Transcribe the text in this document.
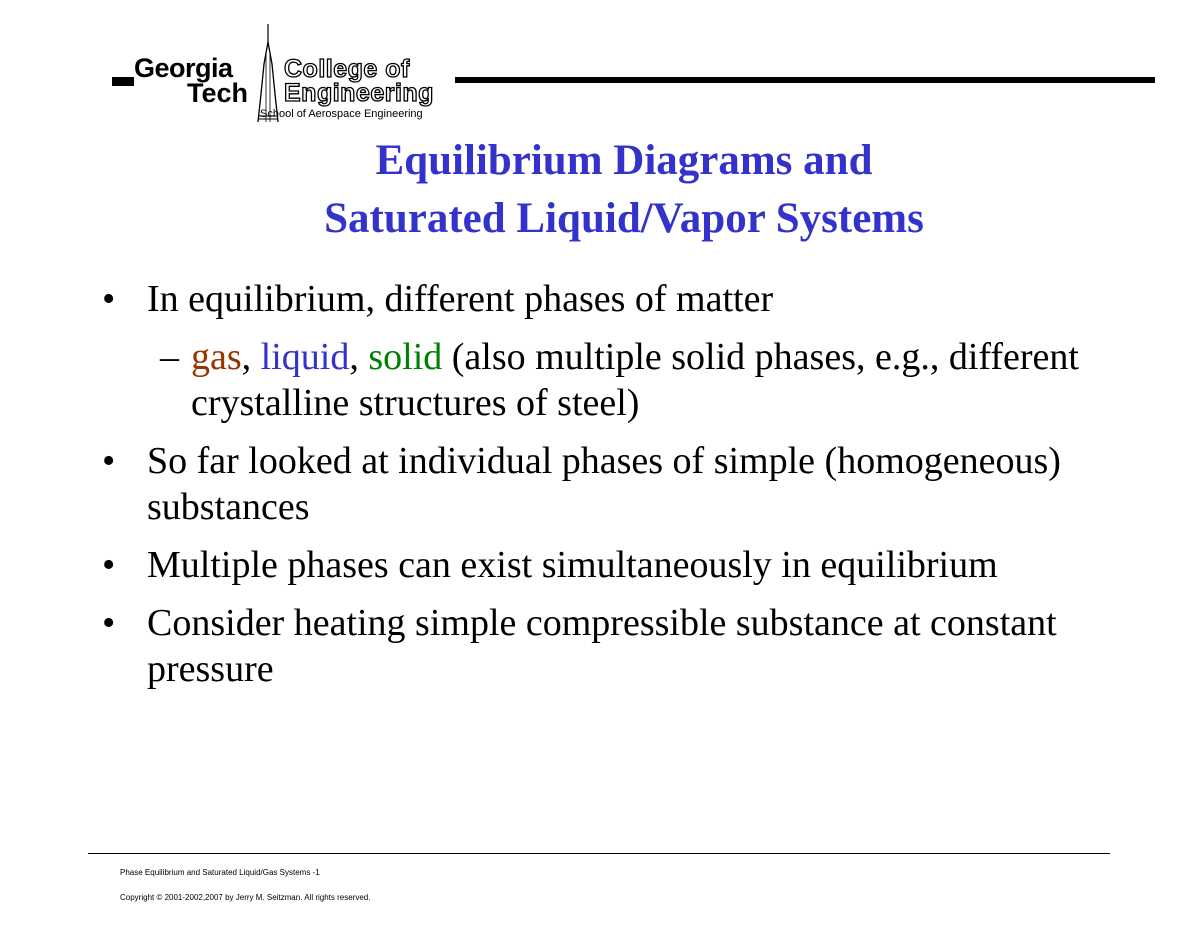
Georgia
Tech
College of
Engineering
School of Aerospace Engineering
Equilibrium Diagrams and
Saturated Liquid/Vapor Systems
• In equilibrium, different phases of matter
– gas, liquid, solid (also multiple solid phases, e.g., different crystalline structures of steel)
• So far looked at individual phases of simple (homogeneous) substances
• Multiple phases can exist simultaneously in equilibrium
• Consider heating simple compressible substance at constant pressure
Phase Equilibrium and Saturated Liquid/Gas Systems -1
Copyright © 2001-2002,2007 by Jerry M. Seitzman. All rights reserved.
